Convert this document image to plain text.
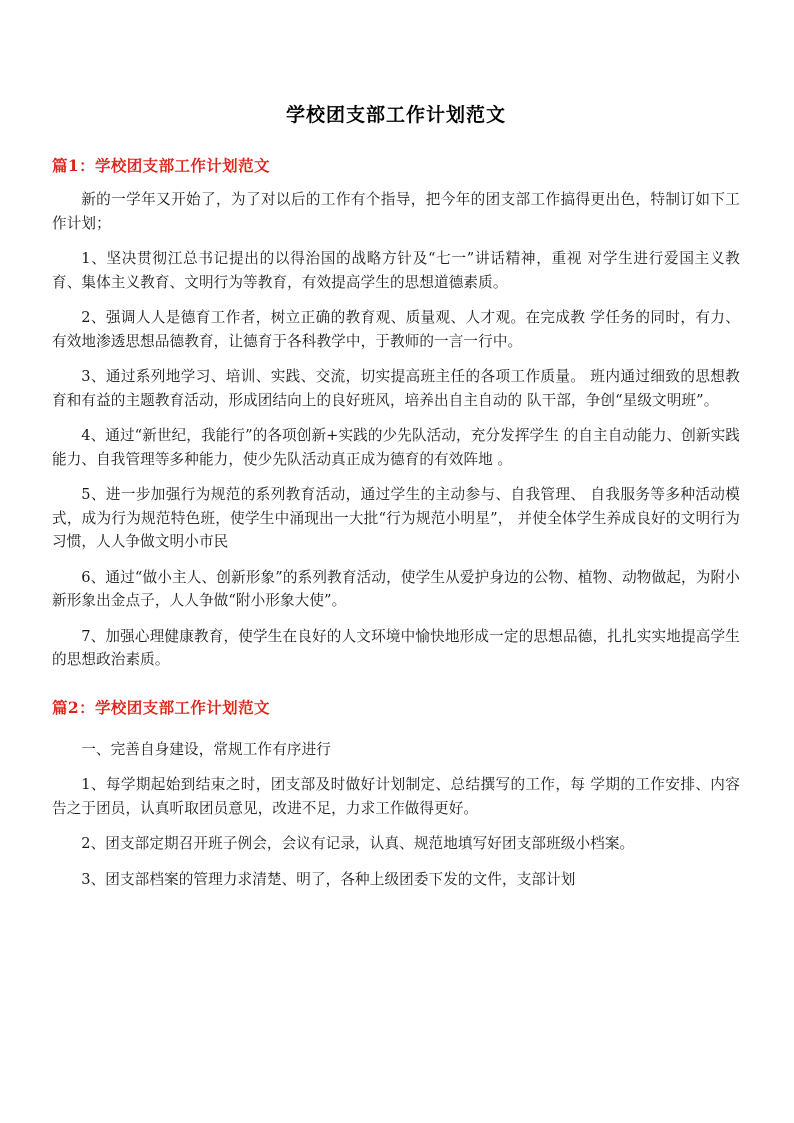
学校团支部工作计划范文
篇1：学校团支部工作计划范文

新的一学年又开始了，为了对以后的工作有个指导，把今年的团支部工作搞得更出色，特制订如下工作计划；

1、坚决贯彻江总书记提出的以得治国的战略方针及“七一”讲话精神，重视 对学生进行爱国主义教育、集体主义教育、文明行为等教育，有效提高学生的思想道德素质。

2、强调人人是德育工作者，树立正确的教育观、质量观、人才观。在完成教 学任务的同时，有力、有效地渗透思想品德教育，让德育于各科教学中，于教师的一言一行中。

3、通过系列地学习、培训、实践、交流，切实提高班主任的各项工作质量。 班内通过细致的思想教育和有益的主题教育活动，形成团结向上的良好班风，培养出自主自动的 队干部，争创“星级文明班”。

4、通过“新世纪，我能行”的各项创新+实践的少先队活动，充分发挥学生 的自主自动能力、创新实践能力、自我管理等多种能力，使少先队活动真正成为德育的有效阵地 。

5、进一步加强行为规范的系列教育活动，通过学生的主动参与、自我管理、 自我服务等多种活动模式，成为行为规范特色班，使学生中涌现出一大批“行为规范小明星”， 并使全体学生养成良好的文明行为习惯，人人争做文明小市民

6、通过“做小主人、创新形象”的系列教育活动，使学生从爱护身边的公物、植物、动物做起，为附小新形象出金点子，人人争做“附小形象大使”。

7、加强心理健康教育，使学生在良好的人文环境中愉快地形成一定的思想品德，扎扎实实地提高学生的思想政治素质。

篇2：学校团支部工作计划范文

一、完善自身建设，常规工作有序进行

1、每学期起始到结束之时，团支部及时做好计划制定、总结撰写的工作，每 学期的工作安排、内容告之于团员，认真听取团员意见，改进不足，力求工作做得更好。

2、团支部定期召开班子例会，会议有记录，认真、规范地填写好团支部班级小档案。

3、团支部档案的管理力求清楚、明了，各种上级团委下发的文件，支部计划
